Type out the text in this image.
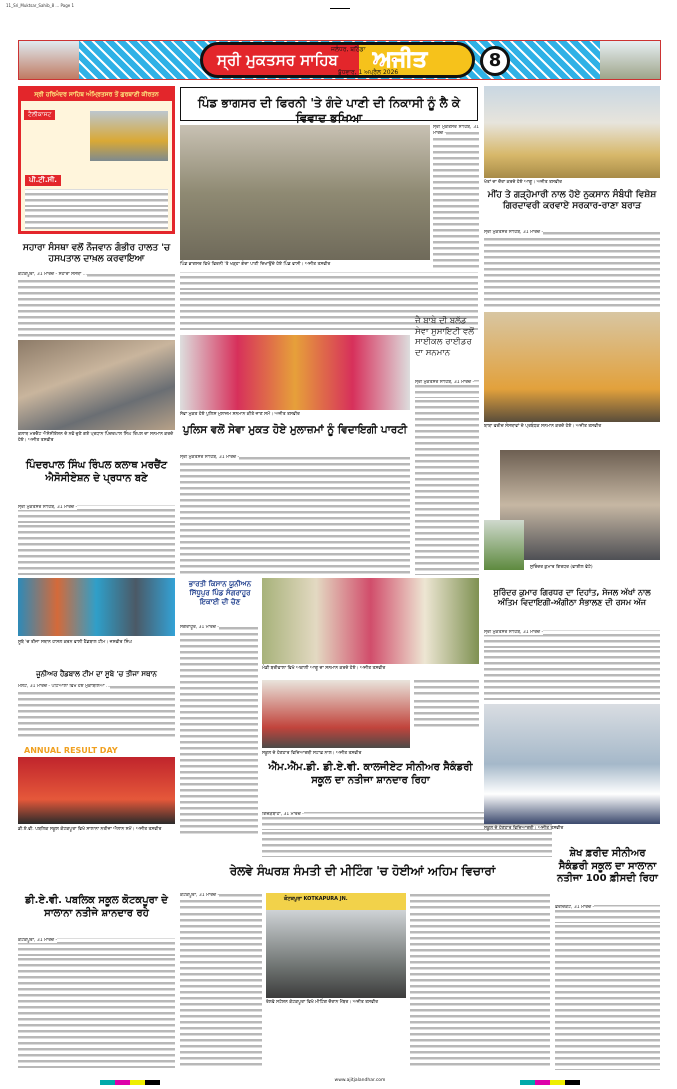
11_Sri_Muktsar_Sahib_8 ... Page 1
ਸ੍ਰੀ ਮੁਕਤਸਰ ਸਾਹਿਬ
ਜਲੰਧਰ, ਬਠਿੰਡਾ ਅਜੀਤ
ਬੁੱਧਵਾਰ, 1 ਅਪ੍ਰੈਲ 2026
8
ਸ੍ਰੀ ਹਰਿਮੰਦਰ ਸਾਹਿਬ ਅੰਮ੍ਰਿਤਸਰ ਤੋਂ ਗੁਰਬਾਣੀ ਕੀਰਤਨ
ਟੈਲੀਕਾਸਟ
ਪੀ.ਟੀ.ਸੀ.
ਸਹਾਰਾ ਸੰਸਥਾ ਵਲੋਂ ਨੌਜਵਾਨ ਗੰਭੀਰ ਹਾਲਤ 'ਚ ਹਸਪਤਾਲ ਦਾਖ਼ਲ ਕਰਵਾਇਆ
ਕੋਟਕਪੂਰਾ, 31 ਮਾਰਚ - ਸਹਾਰਾ ਸੰਸਥਾ ...
ਕਲਾਥ ਮਰਚੈਂਟ ਐਸੋਸੀਏਸ਼ਨ ਦੇ ਨਵੇਂ ਚੁਣੇ ਗਏ ਪ੍ਰਧਾਨ ਪਿੰਦਰਪਾਲ ਸਿੰਘ ਰਿੰਪਲ ਦਾ ਸਨਮਾਨ ਕਰਦੇ ਹੋਏ। ਅਜੀਤ ਤਸਵੀਰ
ਪਿੰਦਰਪਾਲ ਸਿੰਘ ਰਿੰਪਲ ਕਲਾਥ ਮਰਚੈਂਟ ਐਸੋਸੀਏਸ਼ਨ ਦੇ ਪ੍ਰਧਾਨ ਬਣੇ
ਸ੍ਰੀ ਮੁਕਤਸਰ ਸਾਹਿਬ, 31 ਮਾਰਚ -
ਸੂਬੇ 'ਚ ਤੀਜਾ ਸਥਾਨ ਹਾਸਲ ਕਰਨ ਵਾਲੀ ਹੈਂਡਬਾਲ ਟੀਮ। ਜਸਵੀਰ ਸਿੰਘ
ਜੂਨੀਅਰ ਹੈਂਡਬਾਲ ਟੀਮ ਦਾ ਸੂਬੇ 'ਚ ਤੀਜਾ ਸਥਾਨ
ਮਲੋਟ, 31 ਮਾਰਚ - ਪਟਿਆਲਾ ਵਿਖੇ ਹੋਏ ਮੁਕਾਬਲਿਆਂ ...
ANNUAL RESULT DAY
ਡੀ.ਏ.ਵੀ. ਪਬਲਿਕ ਸਕੂਲ ਕੋਟਕਪੂਰਾ ਵਿਖੇ ਸਾਲਾਨਾ ਨਤੀਜਾ ਐਲਾਨ ਸਮੇਂ। ਅਜੀਤ ਤਸਵੀਰ
ਡੀ.ਏ.ਵੀ. ਪਬਲਿਕ ਸਕੂਲ ਕੋਟਕਪੂਰਾ ਦੇ ਸਾਲਾਨਾ ਨਤੀਜੇ ਸ਼ਾਨਦਾਰ ਰਹੇ
ਕੋਟਕਪੂਰਾ, 31 ਮਾਰਚ -
ਪਿੰਡ ਭਾਗਸਰ ਦੀ ਫਿਰਨੀ 'ਤੇ ਗੰਦੇ ਪਾਣੀ ਦੀ ਨਿਕਾਸੀ ਨੂੰ ਲੈ ਕੇ ਵਿਵਾਦ ਭਖਿਆ
ਪਿੰਡ ਭਾਗਸਰ ਵਿਖੇ ਫਿਰਨੀ 'ਤੇ ਖੜ੍ਹਾ ਗੰਦਾ ਪਾਣੀ ਦਿਖਾਉਂਦੇ ਹੋਏ ਪਿੰਡ ਵਾਸੀ। ਅਜੀਤ ਤਸਵੀਰ
ਸ੍ਰੀ ਮੁਕਤਸਰ ਸਾਹਿਬ, 31 ਮਾਰਚ -
ਜੈ ਬਾਬੇ ਦੀ ਬਲੱਡ ਸੇਵਾ ਸੁਸਾਇਟੀ ਵਲੋਂ ਸਾਈਕਲ ਰਾਈਡਰ ਦਾ ਸਨਮਾਨ
ਸ੍ਰੀ ਮੁਕਤਸਰ ਸਾਹਿਬ, 31 ਮਾਰਚ -
ਸੇਵਾ ਮੁਕਤ ਹੋਏ ਪੁਲਿਸ ਮੁਲਾਜ਼ਮ ਸਨਮਾਨ ਕੀਤੇ ਜਾਣ ਸਮੇਂ। ਅਜੀਤ ਤਸਵੀਰ
ਪੁਲਿਸ ਵਲੋਂ ਸੇਵਾ ਮੁਕਤ ਹੋਏ ਮੁਲਾਜ਼ਮਾਂ ਨੂੰ ਵਿਦਾਇਗੀ ਪਾਰਟੀ
ਸ੍ਰੀ ਮੁਕਤਸਰ ਸਾਹਿਬ, 31 ਮਾਰਚ -
ਭਾਰਤੀ ਕਿਸਾਨ ਯੂਨੀਅਨ ਸਿੱਧੂਪੁਰ ਪਿੰਡ ਸੰਗਰਾਹੂਰ ਇਕਾਈ ਦੀ ਚੋਣ
ਸੰਗਰਾਹੂਰ, 31 ਮਾਰਚ -
ਮੰਡੀ ਬਰੀਵਾਲਾ ਵਿਖੇ ਅਕਾਲੀ ਆਗੂ ਦਾ ਸਨਮਾਨ ਕਰਦੇ ਹੋਏ। ਅਜੀਤ ਤਸਵੀਰ
ਸਕੂਲ ਦੇ ਹੋਣਹਾਰ ਵਿਦਿਆਰਥੀ ਸਟਾਫ਼ ਨਾਲ। ਅਜੀਤ ਤਸਵੀਰ
ਐੱਮ.ਐੱਮ.ਡੀ. ਡੀ.ਏ.ਵੀ. ਕਾਲਜੀਏਟ ਸੀਨੀਅਰ ਸੈਕੰਡਰੀ ਸਕੂਲ ਦਾ ਨਤੀਜਾ ਸ਼ਾਨਦਾਰ ਰਿਹਾ
ਗਿੱਦੜਬਾਹਾ, 31 ਮਾਰਚ -
ਰੇਲਵੇ ਸੰਘਰਸ਼ ਸੰਮਤੀ ਦੀ ਮੀਟਿੰਗ 'ਚ ਹੋਈਆਂ ਅਹਿਮ ਵਿਚਾਰਾਂ
ਕੋਟਕਪੂਰਾ, 31 ਮਾਰਚ -
ਕੋਟਕਪੂਰਾ KOTKAPURA JN.
ਰੇਲਵੇ ਸਟੇਸ਼ਨ ਕੋਟਕਪੂਰਾ ਵਿਖੇ ਮੀਟਿੰਗ ਦੌਰਾਨ ਮੈਂਬਰ। ਅਜੀਤ ਤਸਵੀਰ
ਖੇਤਾਂ ਦਾ ਦੌਰਾ ਕਰਦੇ ਹੋਏ ਆਗੂ। ਅਜੀਤ ਤਸਵੀਰ
ਮੀਂਹ ਤੇ ਗੜ੍ਹੇਮਾਰੀ ਨਾਲ ਹੋਏ ਨੁਕਸਾਨ ਸੰਬੰਧੀ ਵਿਸ਼ੇਸ਼ ਗਿਰਦਾਵਰੀ ਕਰਵਾਏ ਸਰਕਾਰ-ਰਾਣਾ ਬਰਾੜ
ਸ੍ਰੀ ਮੁਕਤਸਰ ਸਾਹਿਬ, 31 ਮਾਰਚ -
ਬਾਬਾ ਫਰੀਦ ਸੰਸਥਾਵਾਂ ਦੇ ਪ੍ਰਬੰਧਕ ਸਨਮਾਨ ਕਰਦੇ ਹੋਏ। ਅਜੀਤ ਤਸਵੀਰ
ਸੁਰਿੰਦਰ ਕੁਮਾਰ ਗਿਰਧਰ (ਫਾਈਲ ਫੋਟੋ)
ਸੁਰਿੰਦਰ ਕੁਮਾਰ ਗਿਰਧਰ ਦਾ ਦਿਹਾਂਤ, ਸੇਜਲ ਅੱਖਾਂ ਨਾਲ ਅੰਤਿਮ ਵਿਦਾਇਗੀ-ਅੰਗੀਠਾ ਸੰਭਾਲਣ ਦੀ ਰਸਮ ਅੱਜ
ਸ੍ਰੀ ਮੁਕਤਸਰ ਸਾਹਿਬ, 31 ਮਾਰਚ -
ਸਕੂਲ ਦੇ ਹੋਣਹਾਰ ਵਿਦਿਆਰਥੀ। ਅਜੀਤ ਤਸਵੀਰ
ਸ਼ੇਖ ਫ਼ਰੀਦ ਸੀਨੀਅਰ ਸੈਕੰਡਰੀ ਸਕੂਲ ਦਾ ਸਾਲਾਨਾ ਨਤੀਜਾ 100 ਫ਼ੀਸਦੀ ਰਿਹਾ
ਫ਼ਰੀਦਕੋਟ, 31 ਮਾਰਚ -
www.ajitjalandhar.com
